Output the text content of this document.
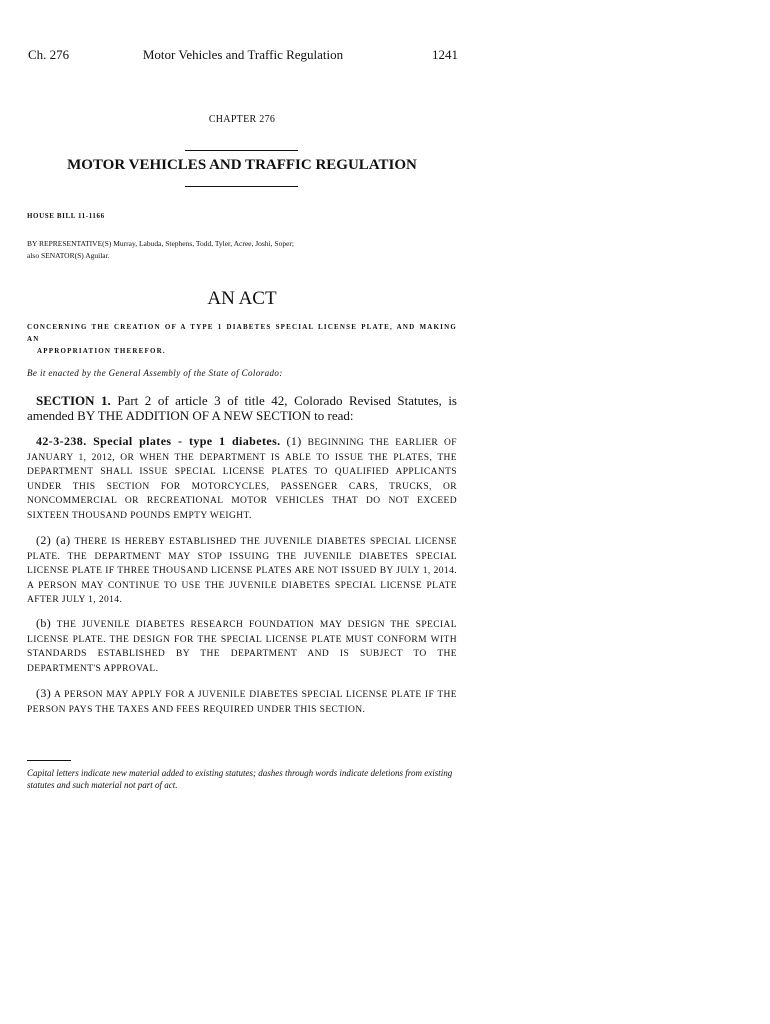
Ch. 276	Motor Vehicles and Traffic Regulation	1241
CHAPTER 276
MOTOR VEHICLES AND TRAFFIC REGULATION
HOUSE BILL 11-1166
BY REPRESENTATIVE(S) Murray, Labuda, Stephens, Todd, Tyler, Acree, Joshi, Soper;
also SENATOR(S) Aguilar.
AN ACT
CONCERNING THE CREATION OF A TYPE 1 DIABETES SPECIAL LICENSE PLATE, AND MAKING AN
APPROPRIATION THEREFOR.
Be it enacted by the General Assembly of the State of Colorado:
SECTION 1. Part 2 of article 3 of title 42, Colorado Revised Statutes, is amended BY THE ADDITION OF A NEW SECTION to read:
42-3-238. Special plates - type 1 diabetes. (1) BEGINNING THE EARLIER OF JANUARY 1, 2012, OR WHEN THE DEPARTMENT IS ABLE TO ISSUE THE PLATES, THE DEPARTMENT SHALL ISSUE SPECIAL LICENSE PLATES TO QUALIFIED APPLICANTS UNDER THIS SECTION FOR MOTORCYCLES, PASSENGER CARS, TRUCKS, OR NONCOMMERCIAL OR RECREATIONAL MOTOR VEHICLES THAT DO NOT EXCEED SIXTEEN THOUSAND POUNDS EMPTY WEIGHT.
(2) (a) THERE IS HEREBY ESTABLISHED THE JUVENILE DIABETES SPECIAL LICENSE PLATE. THE DEPARTMENT MAY STOP ISSUING THE JUVENILE DIABETES SPECIAL LICENSE PLATE IF THREE THOUSAND LICENSE PLATES ARE NOT ISSUED BY JULY 1, 2014. A PERSON MAY CONTINUE TO USE THE JUVENILE DIABETES SPECIAL LICENSE PLATE AFTER JULY 1, 2014.
(b) THE JUVENILE DIABETES RESEARCH FOUNDATION MAY DESIGN THE SPECIAL LICENSE PLATE. THE DESIGN FOR THE SPECIAL LICENSE PLATE MUST CONFORM WITH STANDARDS ESTABLISHED BY THE DEPARTMENT AND IS SUBJECT TO THE DEPARTMENT'S APPROVAL.
(3) A PERSON MAY APPLY FOR A JUVENILE DIABETES SPECIAL LICENSE PLATE IF THE PERSON PAYS THE TAXES AND FEES REQUIRED UNDER THIS SECTION.
Capital letters indicate new material added to existing statutes; dashes through words indicate deletions from existing statutes and such material not part of act.
